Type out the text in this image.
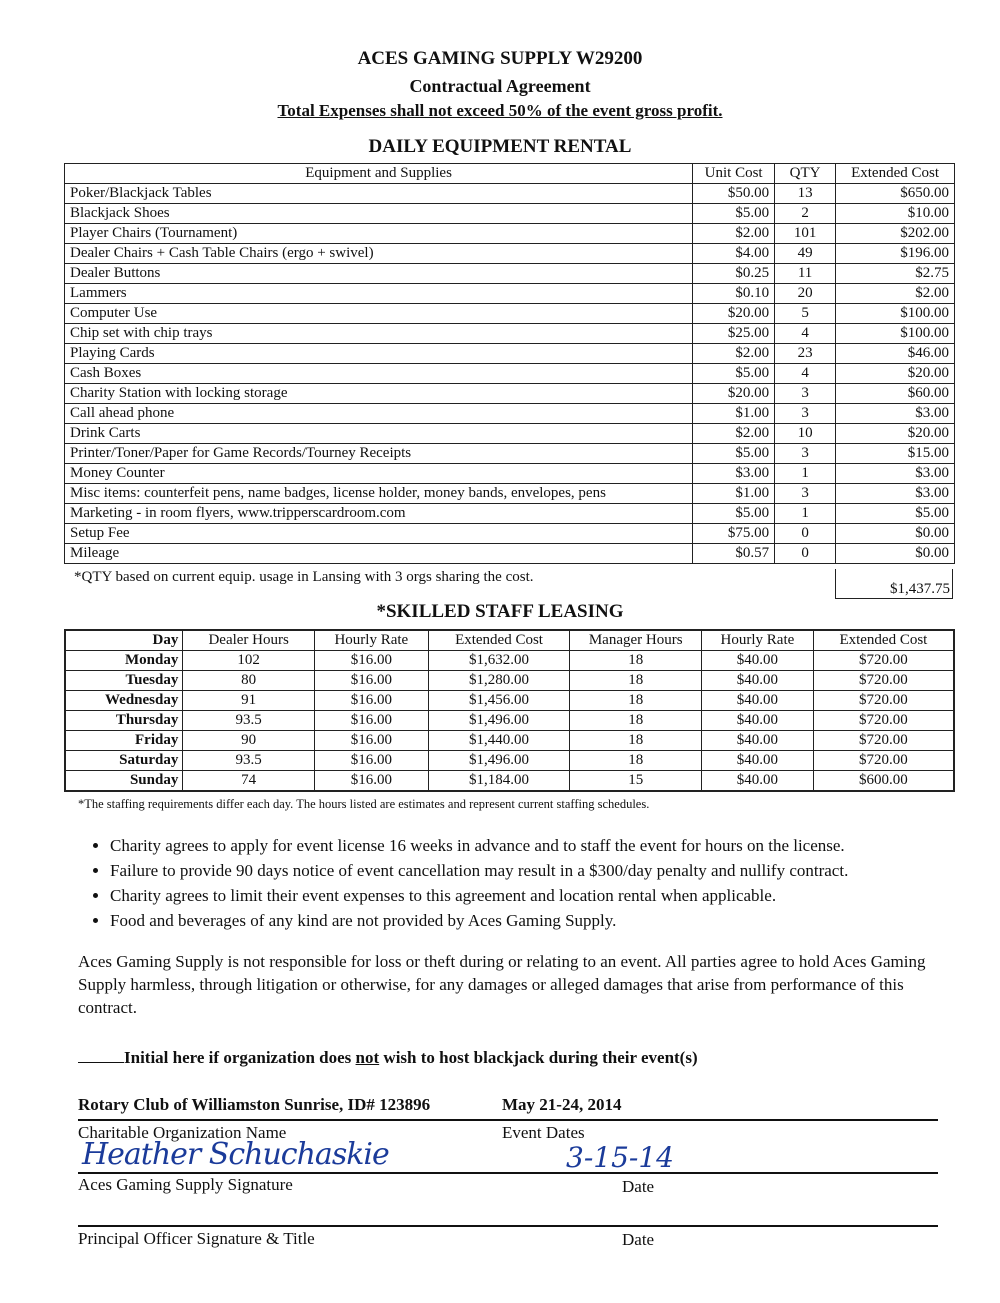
ACES GAMING SUPPLY W29200
Contractual Agreement
Total Expenses shall not exceed 50% of the event gross profit.
DAILY EQUIPMENT RENTAL
Equipment and Supplies	Unit Cost	QTY	Extended Cost
Poker/Blackjack Tables	$50.00	13	$650.00
Blackjack Shoes	$5.00	2	$10.00
Player Chairs (Tournament)	$2.00	101	$202.00
Dealer Chairs + Cash Table Chairs (ergo + swivel)	$4.00	49	$196.00
Dealer Buttons	$0.25	11	$2.75
Lammers	$0.10	20	$2.00
Computer Use	$20.00	5	$100.00
Chip set with chip trays	$25.00	4	$100.00
Playing Cards	$2.00	23	$46.00
Cash Boxes	$5.00	4	$20.00
Charity Station with locking storage	$20.00	3	$60.00
Call ahead phone	$1.00	3	$3.00
Drink Carts	$2.00	10	$20.00
Printer/Toner/Paper for Game Records/Tourney Receipts	$5.00	3	$15.00
Money Counter	$3.00	1	$3.00
Misc items: counterfeit pens, name badges, license holder, money bands, envelopes, pens	$1.00	3	$3.00
Marketing - in room flyers, www.tripperscardroom.com	$5.00	1	$5.00
Setup Fee	$75.00	0	$0.00
Mileage	$0.57	0	$0.00
*QTY based on current equip. usage in Lansing with 3 orgs sharing the cost.
$1,437.75
*SKILLED STAFF LEASING
Day	Dealer Hours	Hourly Rate	Extended Cost	Manager Hours	Hourly Rate	Extended Cost
Monday	102	$16.00	$1,632.00	18	$40.00	$720.00
Tuesday	80	$16.00	$1,280.00	18	$40.00	$720.00
Wednesday	91	$16.00	$1,456.00	18	$40.00	$720.00
Thursday	93.5	$16.00	$1,496.00	18	$40.00	$720.00
Friday	90	$16.00	$1,440.00	18	$40.00	$720.00
Saturday	93.5	$16.00	$1,496.00	18	$40.00	$720.00
Sunday	74	$16.00	$1,184.00	15	$40.00	$600.00
*The staffing requirements differ each day. The hours listed are estimates and represent current staffing schedules.
• Charity agrees to apply for event license 16 weeks in advance and to staff the event for hours on the license.
• Failure to provide 90 days notice of event cancellation may result in a $300/day penalty and nullify contract.
• Charity agrees to limit their event expenses to this agreement and location rental when applicable.
• Food and beverages of any kind are not provided by Aces Gaming Supply.
Aces Gaming Supply is not responsible for loss or theft during or relating to an event. All parties agree to hold Aces Gaming Supply harmless, through litigation or otherwise, for any damages or alleged damages that arise from performance of this contract.
Initial here if organization does not wish to host blackjack during their event(s)
Rotary Club of Williamston Sunrise, ID# 123896	May 21-24, 2014
Charitable Organization Name	Event Dates
Heather Schuchaskie	3-15-14
Aces Gaming Supply Signature	Date
Principal Officer Signature & Title	Date
